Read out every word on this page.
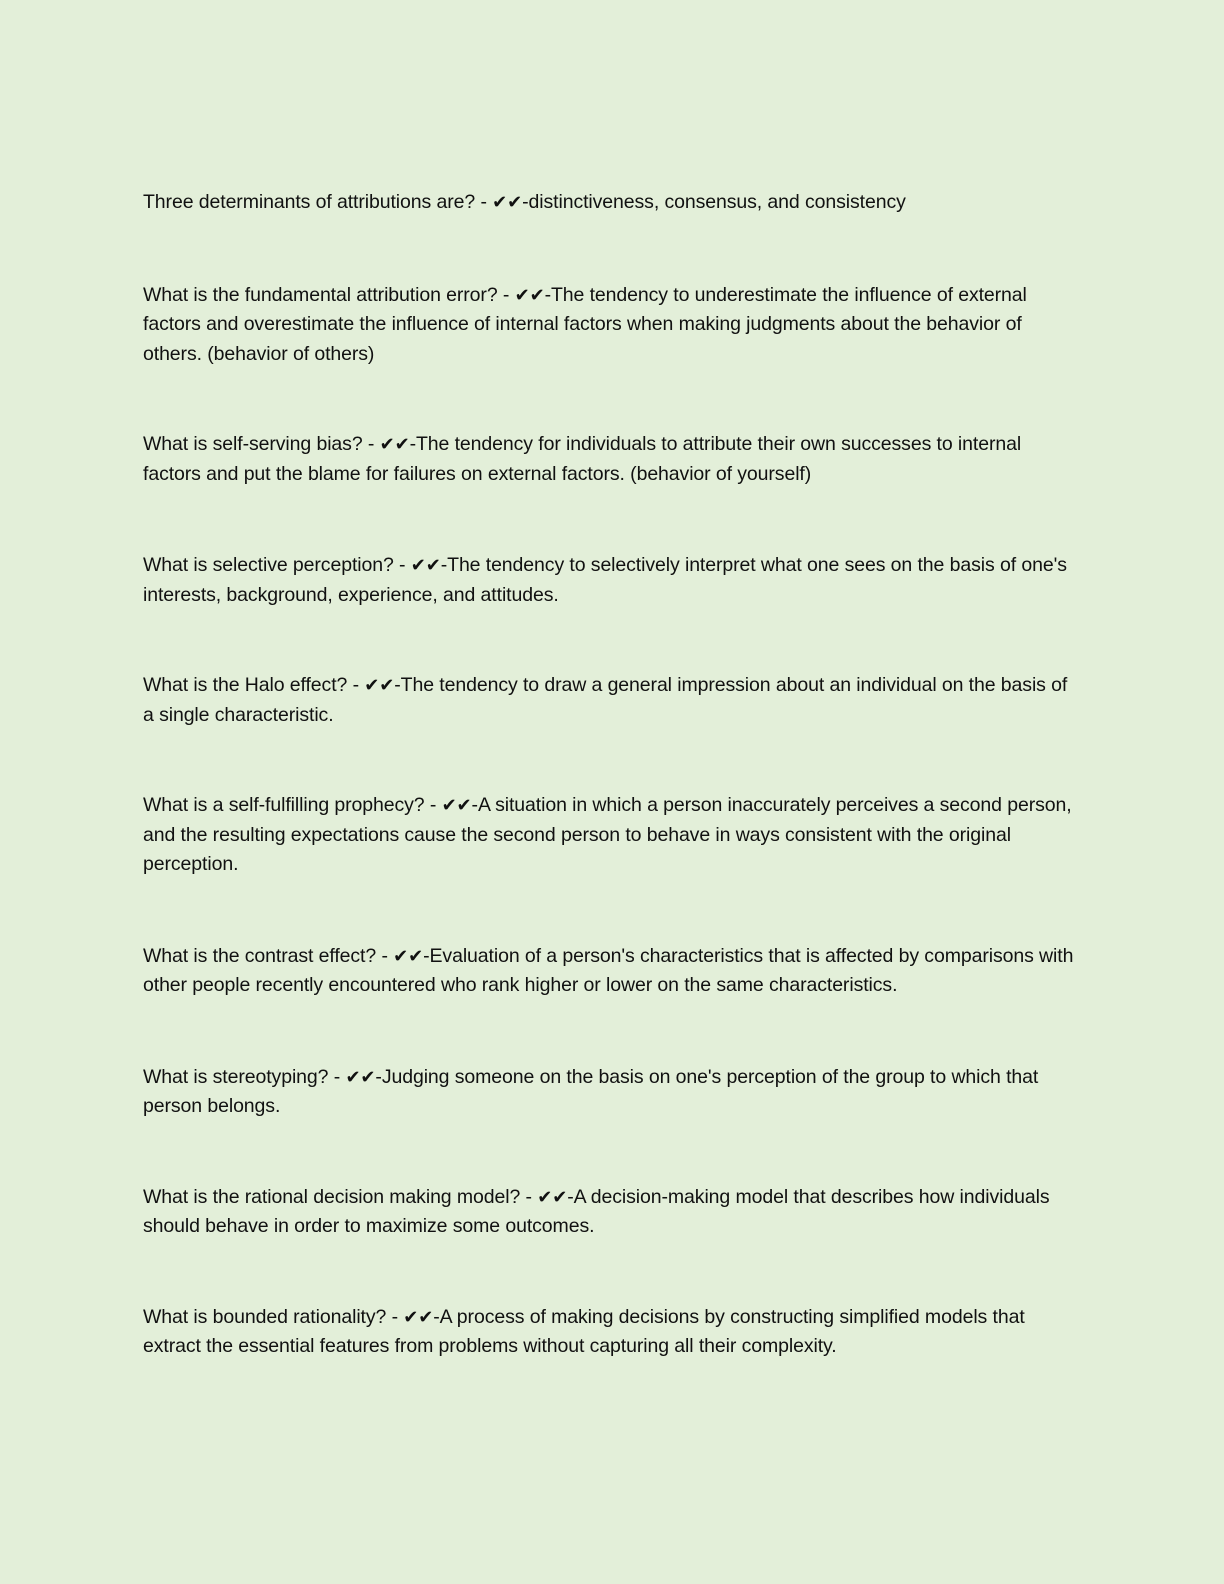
Three determinants of attributions are? - ✔✔-distinctiveness, consensus, and consistency

What is the fundamental attribution error? - ✔✔-The tendency to underestimate the influence of external factors and overestimate the influence of internal factors when making judgments about the behavior of others. (behavior of others)

What is self-serving bias? - ✔✔-The tendency for individuals to attribute their own successes to internal factors and put the blame for failures on external factors. (behavior of yourself)

What is selective perception? - ✔✔-The tendency to selectively interpret what one sees on the basis of one's interests, background, experience, and attitudes.

What is the Halo effect? - ✔✔-The tendency to draw a general impression about an individual on the basis of a single characteristic.

What is a self-fulfilling prophecy? - ✔✔-A situation in which a person inaccurately perceives a second person, and the resulting expectations cause the second person to behave in ways consistent with the original perception.

What is the contrast effect? - ✔✔-Evaluation of a person's characteristics that is affected by comparisons with other people recently encountered who rank higher or lower on the same characteristics.

What is stereotyping? - ✔✔-Judging someone on the basis on one's perception of the group to which that person belongs.

What is the rational decision making model? - ✔✔-A decision-making model that describes how individuals should behave in order to maximize some outcomes.

What is bounded rationality? - ✔✔-A process of making decisions by constructing simplified models that extract the essential features from problems without capturing all their complexity.
